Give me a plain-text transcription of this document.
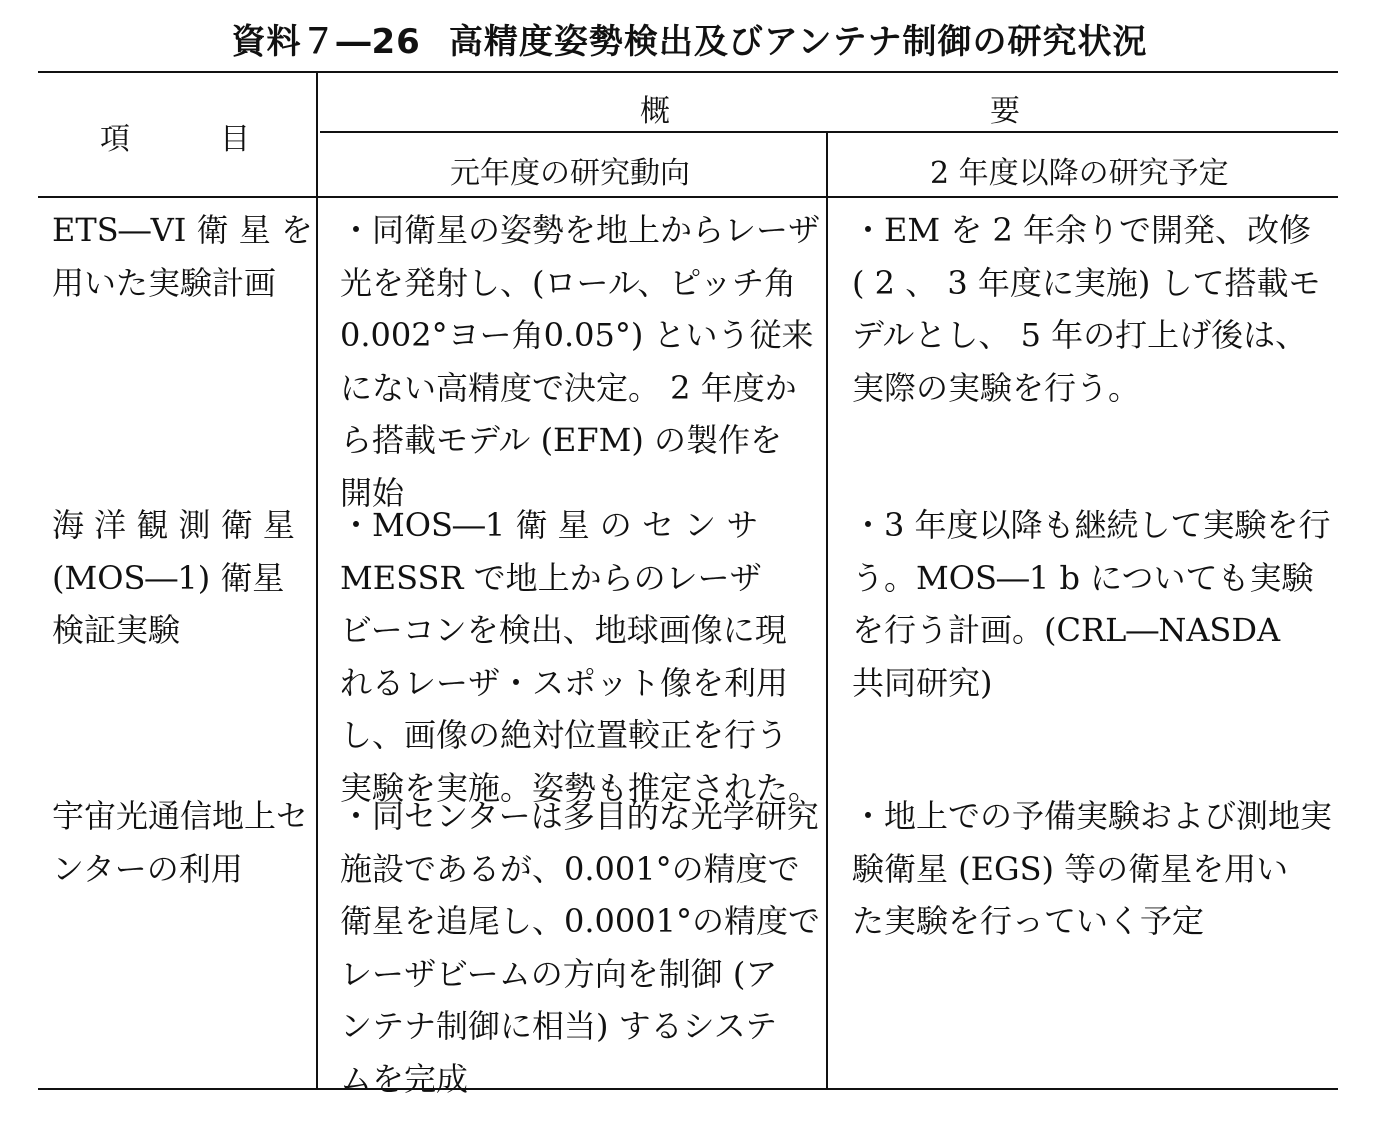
資料７―26 高精度姿勢検出及びアンテナ制御の研究状況
項　　　目
概	要
元年度の研究動向	2 年度以降の研究予定
ETS―VI 衛 星 を
用いた実験計画
・同衛星の姿勢を地上からレーザ
光を発射し、(ロール、ピッチ角
0.002°ヨー角0.05°) という従来
にない高精度で決定。 2 年度か
ら搭載モデル (EFM) の製作を
開始
・EM を 2 年余りで開発、改修
( 2 、 3 年度に実施) して搭載モ
デルとし、 5 年の打上げ後は、
実際の実験を行う。
海 洋 観 測 衛 星
(MOS―1) 衛星
検証実験
・MOS―1 衛 星 の セ ン サ
MESSR で地上からのレーザ
ビーコンを検出、地球画像に現
れるレーザ・スポット像を利用
し、画像の絶対位置較正を行う
実験を実施。姿勢も推定された。
・3 年度以降も継続して実験を行
う。MOS―1 b についても実験
を行う計画。(CRL―NASDA
共同研究)
宇宙光通信地上セ
ンターの利用
・同センターは多目的な光学研究
施設であるが、0.001°の精度で
衛星を追尾し、0.0001°の精度で
レーザビームの方向を制御 (ア
ンテナ制御に相当) するシステ
ムを完成
・地上での予備実験および測地実
験衛星 (EGS) 等の衛星を用い
た実験を行っていく予定
